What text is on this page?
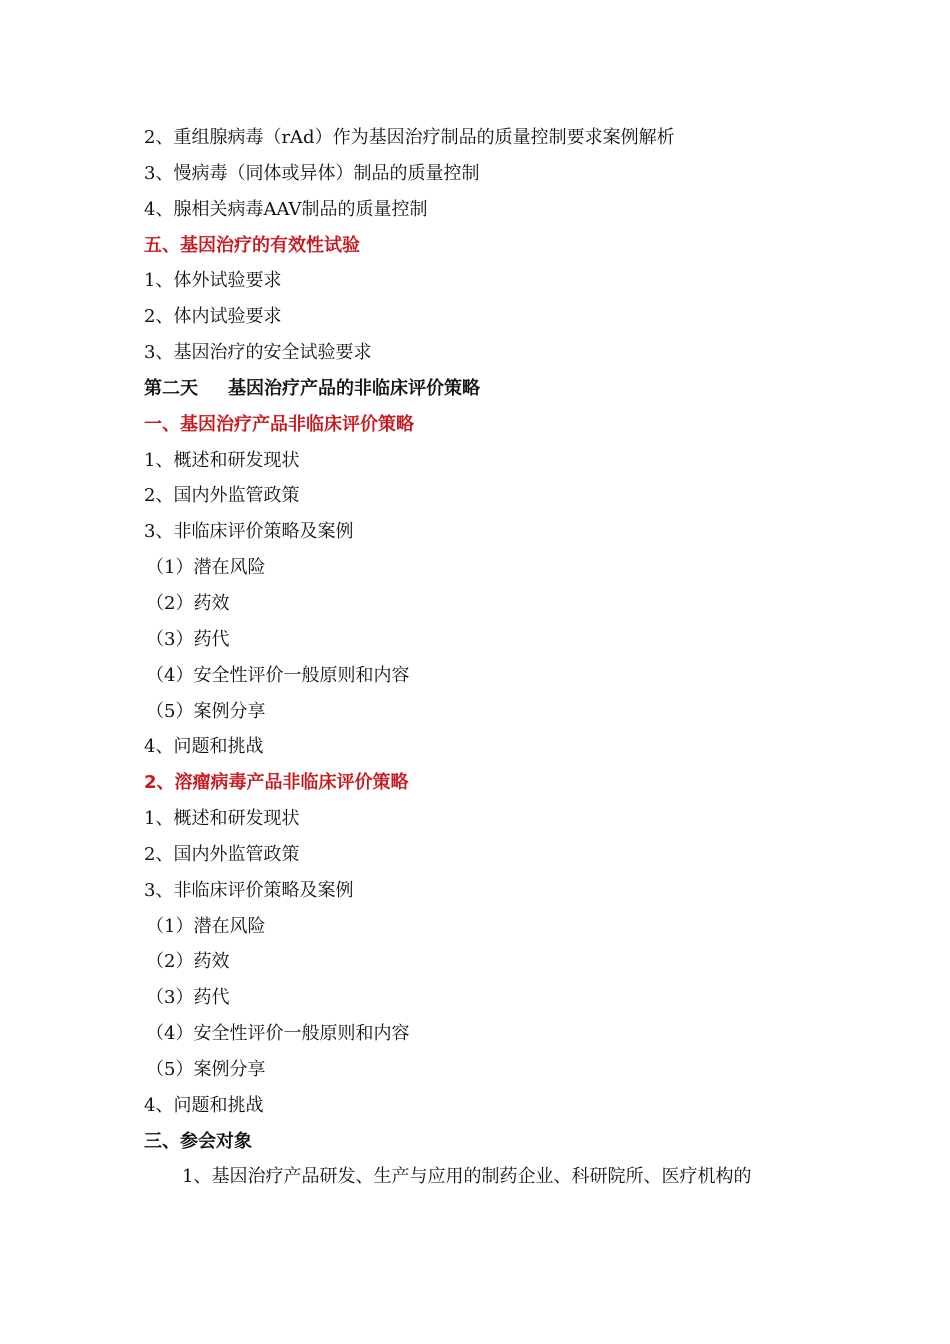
2、重组腺病毒（rAd）作为基因治疗制品的质量控制要求案例解析
3、慢病毒（同体或异体）制品的质量控制
4、腺相关病毒AAV制品的质量控制
五、基因治疗的有效性试验
1、体外试验要求
2、体内试验要求
3、基因治疗的安全试验要求
第二天 基因治疗产品的非临床评价策略
一、基因治疗产品非临床评价策略
1、概述和研发现状
2、国内外监管政策
3、非临床评价策略及案例
（1）潜在风险
（2）药效
（3）药代
（4）安全性评价一般原则和内容
（5）案例分享
4、问题和挑战
2、溶瘤病毒产品非临床评价策略
1、概述和研发现状
2、国内外监管政策
3、非临床评价策略及案例
（1）潜在风险
（2）药效
（3）药代
（4）安全性评价一般原则和内容
（5）案例分享
4、问题和挑战
三、参会对象
1、基因治疗产品研发、生产与应用的制药企业、科研院所、医疗机构的
